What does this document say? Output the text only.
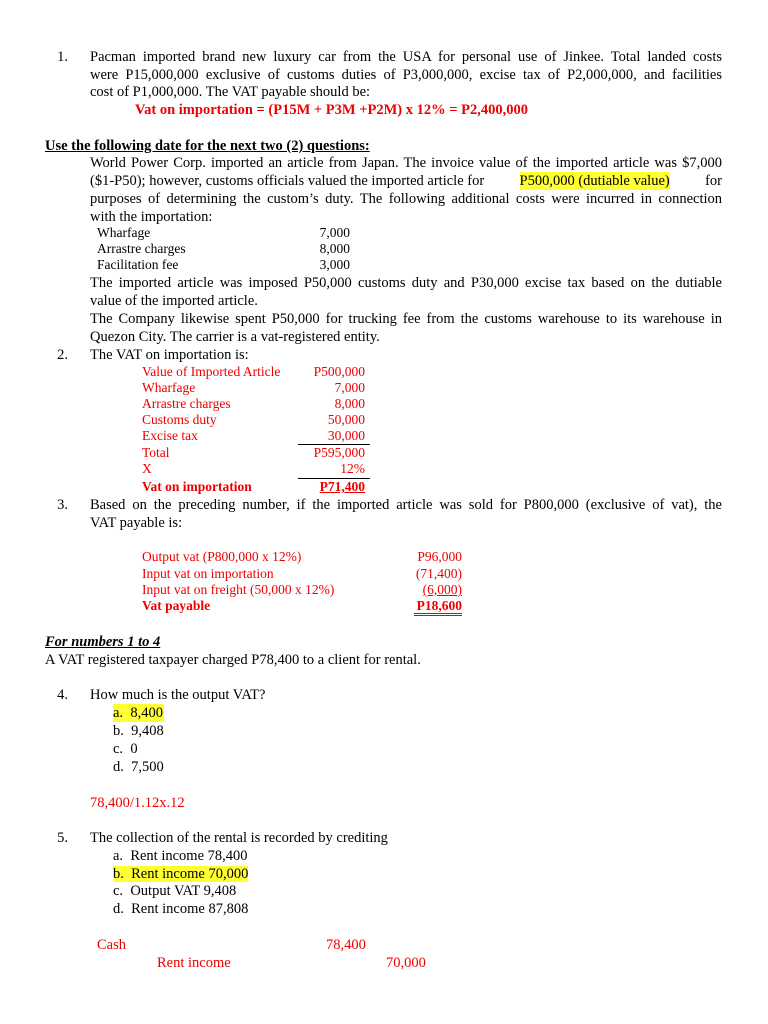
1. Pacman imported brand new luxury car from the USA for personal use of Jinkee. Total landed costs
were P15,000,000 exclusive of customs duties of P3,000,000, excise tax of P2,000,000, and facilities
cost of P1,000,000. The VAT payable should be:
Vat on importation = (P15M + P3M +P2M) x 12% = P2,400,000
Use the following date for the next two (2) questions:
World Power Corp. imported an article from Japan. The invoice value of the imported article was $7,000
($1-P50); however, customs officials valued the imported article for P500,000 (dutiable value) for
purposes of determining the custom’s duty. The following additional costs were incurred in connection
with the importation:
Wharfage	7,000
Arrastre charges	8,000
Facilitation fee	3,000
The imported article was imposed P50,000 customs duty and P30,000 excise tax based on the dutiable
value of the imported article.
The Company likewise spent P50,000 for trucking fee from the customs warehouse to its warehouse in
Quezon City. The carrier is a vat-registered entity.
2. The VAT on importation is:
Value of Imported Article	P500,000
Wharfage	7,000
Arrastre charges	8,000
Customs duty	50,000
Excise tax	30,000
Total	P595,000
X	12%
Vat on importation	P71,400
3. Based on the preceding number, if the imported article was sold for P800,000 (exclusive of vat), the
VAT payable is:
Output vat (P800,000 x 12%)	P96,000
Input vat on importation	(71,400)
Input vat on freight (50,000 x 12%)	(6,000)
Vat payable	P18,600
For numbers 1 to 4
A VAT registered taxpayer charged P78,400 to a client for rental.
4. How much is the output VAT?
a. 8,400
b. 9,408
c. 0
d. 7,500
78,400/1.12x.12
5. The collection of the rental is recorded by crediting
a. Rent income 78,400
b. Rent income 70,000
c. Output VAT 9,408
d. Rent income 87,808
Cash	78,400
Rent income	70,000
